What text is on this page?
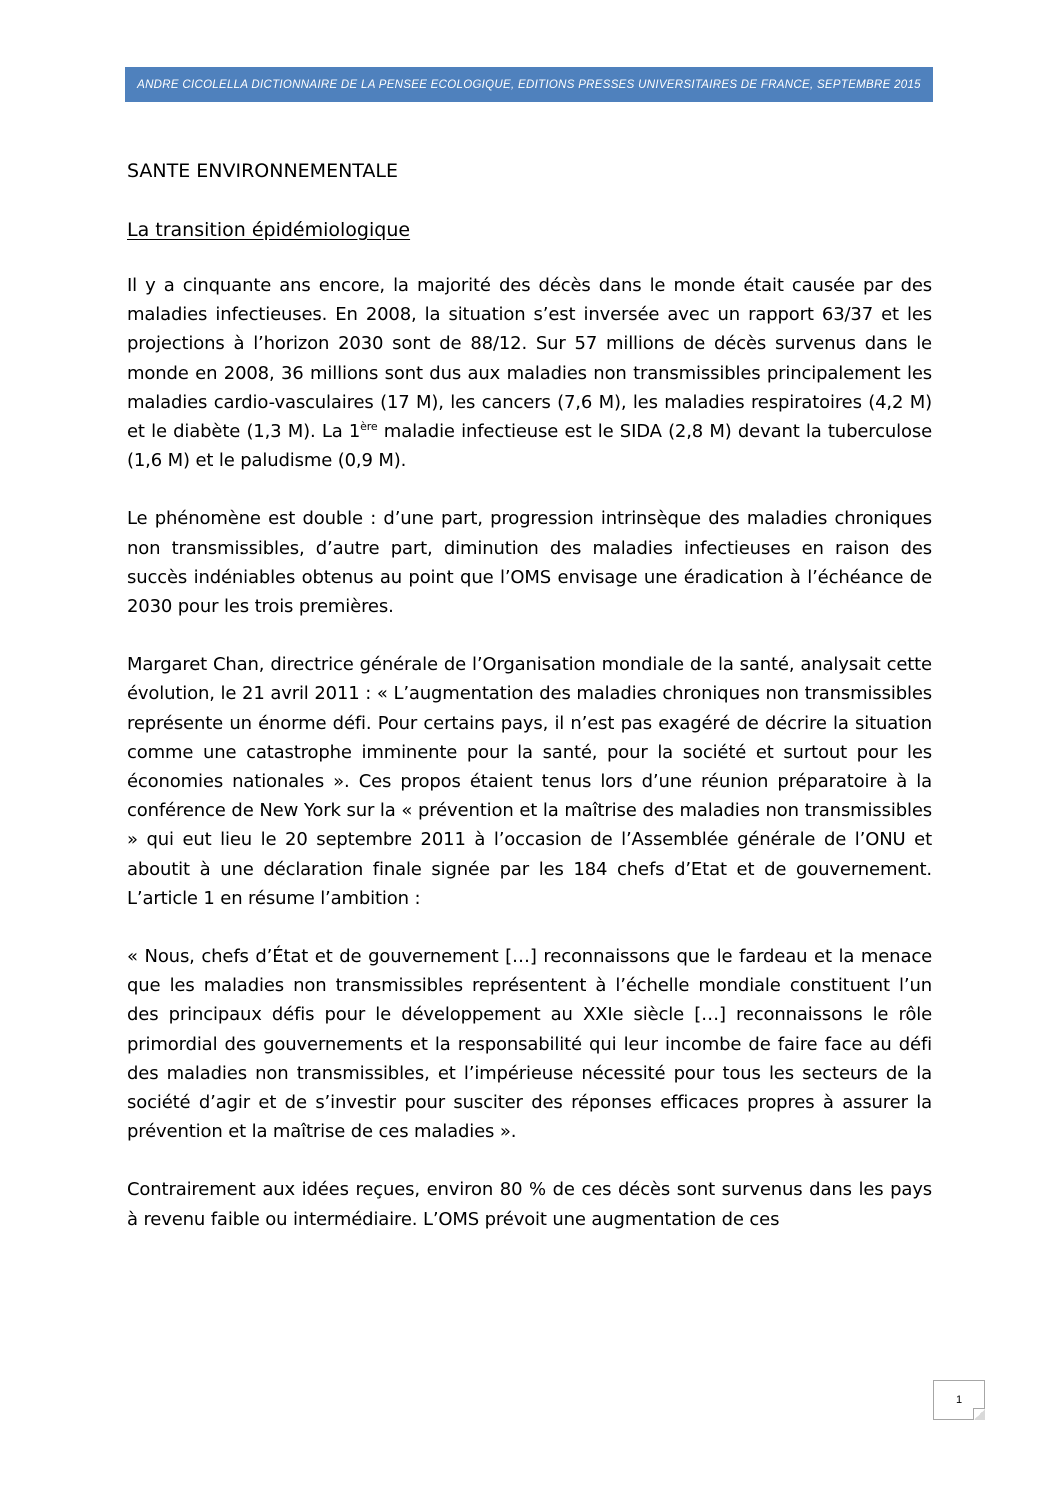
ANDRE CICOLELLA DICTIONNAIRE DE LA PENSEE ECOLOGIQUE, EDITIONS PRESSES UNIVERSITAIRES DE FRANCE, SEPTEMBRE 2015
SANTE ENVIRONNEMENTALE
La transition épidémiologique

Il y a cinquante ans encore, la majorité des décès dans le monde était causée par des maladies infectieuses. En 2008, la situation s’est inversée avec un rapport 63/37 et les projections à l’horizon 2030 sont de 88/12. Sur 57 millions de décès survenus dans le monde en 2008, 36 millions sont dus aux maladies non transmissibles principalement les maladies cardio-vasculaires (17 M), les cancers (7,6 M), les maladies respiratoires (4,2 M) et le diabète (1,3 M). La 1ère maladie infectieuse est le SIDA (2,8 M) devant la tuberculose (1,6 M) et le paludisme (0,9 M).

Le phénomène est double : d’une part, progression intrinsèque des maladies chroniques non transmissibles, d’autre part, diminution des maladies infectieuses en raison des succès indéniables obtenus au point que l’OMS envisage une éradication à l’échéance de 2030 pour les trois premières.

Margaret Chan, directrice générale de l’Organisation mondiale de la santé, analysait cette évolution, le 21 avril 2011 : « L’augmentation des maladies chroniques non transmissibles représente un énorme défi. Pour certains pays, il n’est pas exagéré de décrire la situation comme une catastrophe imminente pour la santé, pour la société et surtout pour les économies nationales ». Ces propos étaient tenus lors d’une réunion préparatoire à la conférence de New York sur la « prévention et la maîtrise des maladies non transmissibles » qui eut lieu le 20 septembre 2011 à l’occasion de l’Assemblée générale de l’ONU et aboutit à une déclaration finale signée par les 184 chefs d’Etat et de gouvernement. L’article 1 en résume l’ambition :

« Nous, chefs d’État et de gouvernement […] reconnaissons que le fardeau et la menace que les maladies non transmissibles représentent à l’échelle mondiale constituent l’un des principaux défis pour le développement au XXIe siècle […] reconnaissons le rôle primordial des gouvernements et la responsabilité qui leur incombe de faire face au défi des maladies non transmissibles, et l’impérieuse nécessité pour tous les secteurs de la société d’agir et de s’investir pour susciter des réponses efficaces propres à assurer la prévention et la maîtrise de ces maladies ».

Contrairement aux idées reçues, environ 80 % de ces décès sont survenus dans les pays à revenu faible ou intermédiaire. L’OMS prévoit une augmentation de ces

1
